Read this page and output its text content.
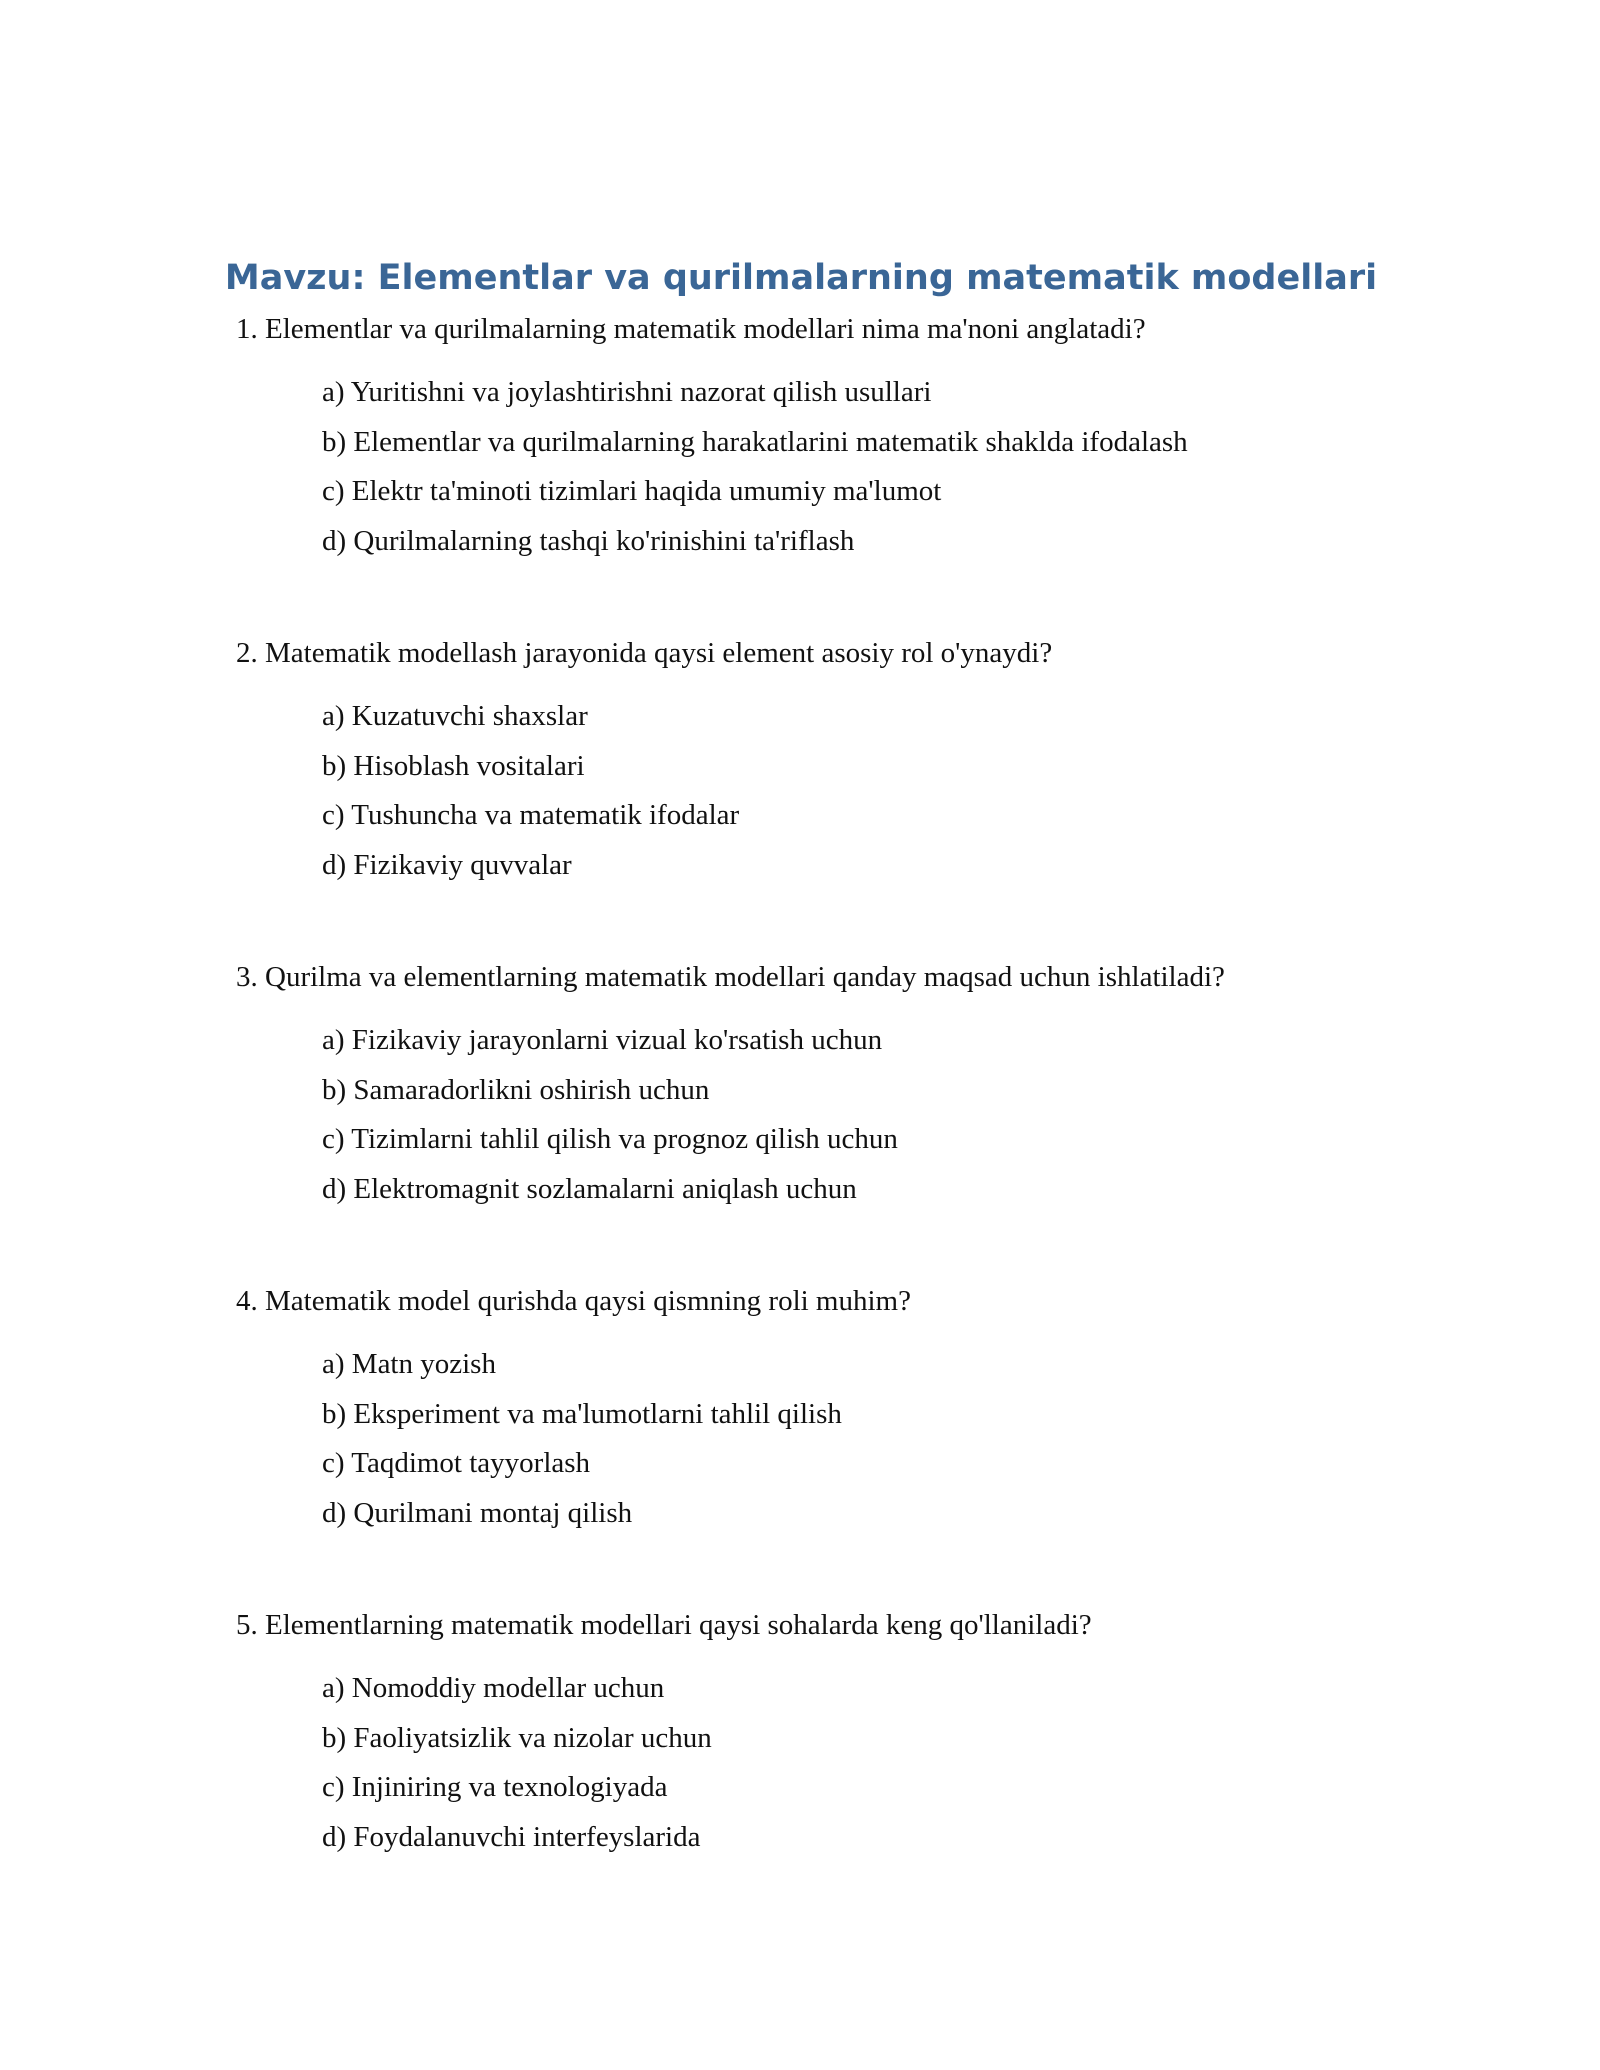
Mavzu: Elementlar va qurilmalarning matematik modellari

1. Elementlar va qurilmalarning matematik modellari nima ma'noni anglatadi?

a) Yuritishni va joylashtirishni nazorat qilish usullari
b) Elementlar va qurilmalarning harakatlarini matematik shaklda ifodalash
c) Elektr ta'minoti tizimlari haqida umumiy ma'lumot
d) Qurilmalarning tashqi ko'rinishini ta'riflash

2. Matematik modellash jarayonida qaysi element asosiy rol o'ynaydi?

a) Kuzatuvchi shaxslar
b) Hisoblash vositalari
c) Tushuncha va matematik ifodalar
d) Fizikaviy quvvalar

3. Qurilma va elementlarning matematik modellari qanday maqsad uchun ishlatiladi?

a) Fizikaviy jarayonlarni vizual ko'rsatish uchun
b) Samaradorlikni oshirish uchun
c) Tizimlarni tahlil qilish va prognoz qilish uchun
d) Elektromagnit sozlamalarni aniqlash uchun

4. Matematik model qurishda qaysi qismning roli muhim?

a) Matn yozish
b) Eksperiment va ma'lumotlarni tahlil qilish
c) Taqdimot tayyorlash
d) Qurilmani montaj qilish

5. Elementlarning matematik modellari qaysi sohalarda keng qo'llaniladi?

a) Nomoddiy modellar uchun
b) Faoliyatsizlik va nizolar uchun
c) Injiniring va texnologiyada
d) Foydalanuvchi interfeyslarida
